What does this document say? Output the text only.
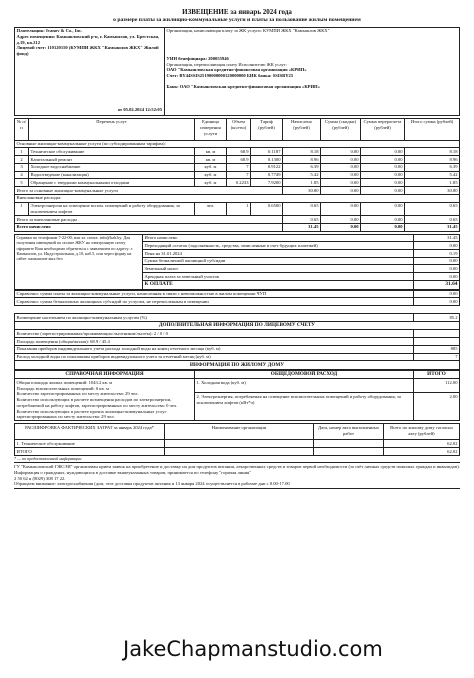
ИЗВЕЩЕНИЕ за январь 2024 года
о размере платы за жилищно-коммунальные услуги и платы за пользование жилым помещением
Плательщик: Ivanov & Co., Inc.
Адрес помещения: Камышловский р-н, г. Камышлов, ул. Брестская, д.19, кв.212
Лицевой счет: 110120150 (КУМПИ ЖКХ "Камышлов ЖКХ" Жилой фонд)
от 05.02.2024 12:52:05

Организация, начисляющая плату за ЖК услуги: КУМПИ ЖКХ "Камышлов ЖКХ"
УИН бенефициара: 200055946
Организация, перечисляющая плату Исполнителю ЖК услуг:
ОАО "Камышловская кредитно-финансовая организация «КРИП»
Счет: BY44SSIS25190000000120000000 БИК банка: SSISBY25
Банк: ОАО "Камышловская кредитно-финансовая организация «КРИП»
№ п/п	Перечень услуг	Единица измерения услуги	Объем (кол-во)	Тариф (рублей)	Начислено (рублей)	Сумма (скидки) (рублей)	Сумма перерасчета (рублей)	Итого сумма (рублей)
Основные жилищно-коммунальные услуги (по субсидированным тарифам):								
1	Техническое обслуживание	кв. м	68.9	0.1187	8.18	0.00	0.00	8.18
2	Капитальный ремонт	кв. м	68.9	0.1300	8.96	0.00	0.00	8.96
3	Холодное водоснабжение	куб. м	7	0.9122	6.39	0.00	0.00	6.39
4	Водоотведение (канализация)	куб. м	7	0.7749	5.42	0.00	0.00	5.42
5	Обращение с твердыми коммунальными отходами	куб. м	0.2233	7.9200	1.85	0.00	0.00	1.85
Итого за основные жилищно-коммунальные услуги					30.80	0.00	0.00	30.80
Внеплановые расходы:								
1	Электроэнергия на освещение вспом. помещений и работу оборудования, за исключением лифтов	чел.	1	0.6500	0.65	0.00	0.00	0.65
Итого за внеплановые расходы					0.65	0.00	0.00	0.65
Всего начислено					31.45	0.00	0.00	31.45
Справки по телефонам 7-22-00, или эл. почта: info@kzh.by. Для получения извещений по оплате ЖКУ на электронную почту оформите Ваш необходимо обратиться с заявлением по адресу: г. Камышлов, ул. Индустриальная, д.10, каб.5, или через форму на сайте: камышлов-жкх.бел	Итого начислено	31.45
	Переходящий остаток (задолженность, средства, зачисленные в счет будущих платежей)	0.00
	Пеня на 31.01.2024	0.19
	Сумма безналичной жилищной субсидии	0.00
	Земельный налог	0.00
	Арендная плата за земельный участок	0.00
	К ОПЛАТЕ	31.64
Справочно: сумма платы за жилищно-коммунальные услуги, начисленная в связи с невозможностью в жилом помещении ЧУП	0.00
Справочно: сумма безналичных жилищных субсидий по услугам, не перечисленным в извещении	0.00
Возмещение населением по жилищно-коммунальным услугам (%)	85.2
ДОПОЛНИТЕЛЬНАЯ ИНФОРМАЦИЯ ПО ЛИЦЕВОМУ СЧЕТУ	
Количество (зарегистрированных/проживающих/льготников/льготы): 2 / 0 / 0	
Площадь помещения (общая/жилая): 68.9 / 45.4	
Показания приборов индивидуального учета расхода холодной воды на конец отчетного месяца (куб. м)	885
Расход холодной воды по показаниям приборов индивидуального учета за отчетный месяц (куб. м)	7
ИНФОРМАЦИЯ ПО ЖИЛОМУ ДОМУ	
СПРАВОЧНАЯ ИНФОРМАЦИЯ	ОБЩЕДОМОВОЙ РАСХОД	ИТОГО

Общая площадь жилых помещений: 1043.2 кв. м
Площадь вспомогательных помещений: 0 кв. м
Количество зарегистрированных по месту жительства: 29 чел.
Количество использующих в расчете возмещения расходов по электроэнергии, потребляемой на работу лифтов, зарегистрированных по месту жительства: 0 чел.
Количество использующих в расчете прочих жилищно-коммунальных услуг зарегистрированных по месту жительства: 29 чел.	1. Холодная вода (куб. м)	112.00
	2. Электроэнергия, потребляемая на освещение вспомогательных помещений и работу оборудования, за исключением лифтов (кВт*ч)	2.00
РАСШИФРОВКА ФАКТИЧЕСКИХ ЗАТРАТ за январь 2024 года*	Наименование организации	Дата, номер акта выполненных работ	Всего по жилому дому согласно акту (рублей)
1. Техническое обслуживание			62.02
ИТОГО			62.02
* — по предоставленной информации

ГУ "Камышловский ГЖСЭИ" организован прием заявок на приобретение и доставку на дом продуктов питания, лекарственных средств и товаров первой необходимости (за счёт личных средств пожилых граждан и инвалидов).

Информация о гражданах, нуждающихся в доставке вышеуказанных товаров, принимается по телефону "горячая линия"

2 50 62 и (8029) 308 17 22.

Обращаем внимание: электроснабжения (дом, этот доставка продуктов питания и 13 января 2024 осуществляется в рабочие дни с 8.00-17.00

JakeChapmanstudio.com
